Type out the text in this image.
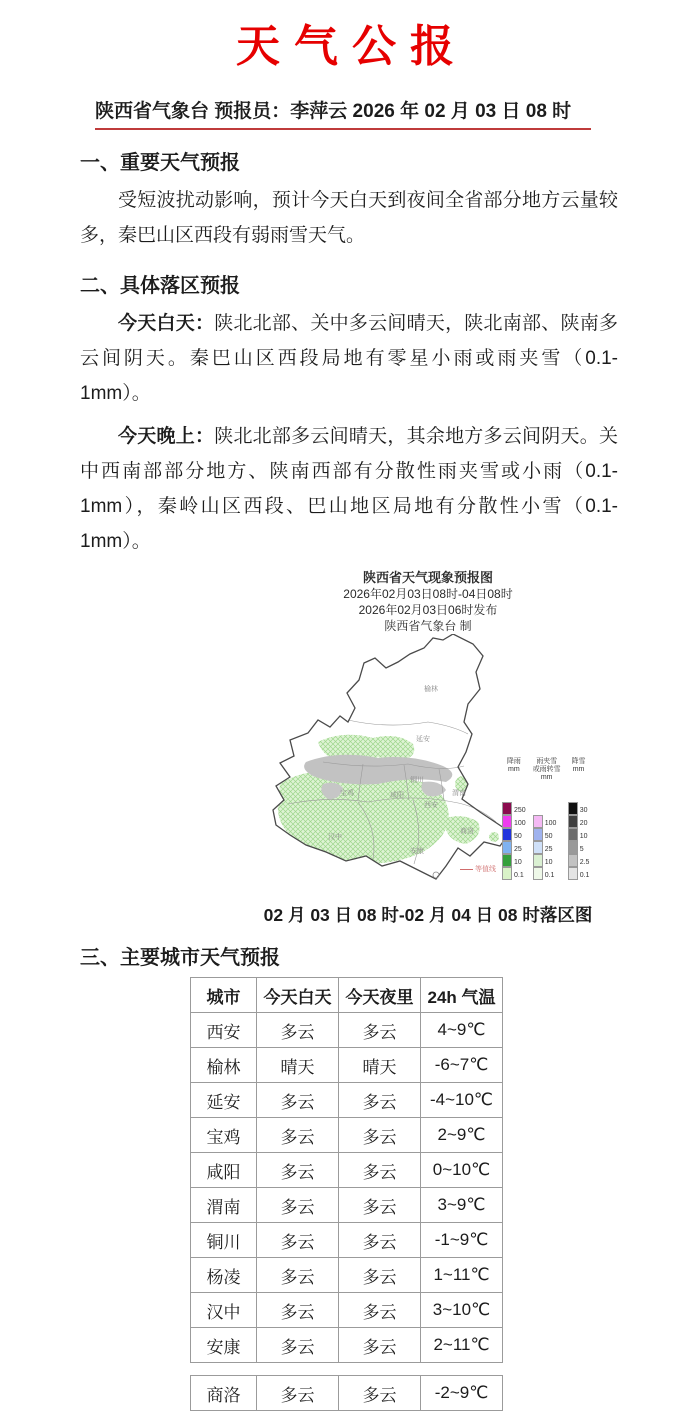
天气公报
陕西省气象台 预报员：李萍云 2026 年 02 月 03 日 08 时
一、重要天气预报

受短波扰动影响，预计今天白天到夜间全省部分地方云量较多，秦巴山区西段有弱雨雪天气。

二、具体落区预报

今天白天：陕北北部、关中多云间晴天，陕北南部、陕南多云间阴天。秦巴山区西段局地有零星小雨或雨夹雪（0.1-1mm）。

今天晚上：陕北北部多云间晴天，其余地方多云间阴天。关中西南部部分地方、陕南西部有分散性雨夹雪或小雨（0.1-1mm），秦岭山区西段、巴山地区局地有分散性小雪（0.1-1mm）。

陕西省天气现象预报图
2026年02月03日08时-04日08时
2026年02月03日06时发布
陕西省气象台 制
榆林
延安
铜川
咸阳
西安
渭南
宝鸡
商洛
汉中
安康
降雨
mm
250
100
50
25
10
0.1
雨夹雪
或雨转雪
mm
100
50
25
10
0.1
降雪
mm
30
20
10
5
2.5
0.1
等值线
02 月 03 日 08 时-02 月 04 日 08 时落区图
三、主要城市天气预报
城市	今天白天	今天夜里	24h 气温
西安	多云	多云	4~9℃
榆林	晴天	晴天	-6~7℃
延安	多云	多云	-4~10℃
宝鸡	多云	多云	2~9℃
咸阳	多云	多云	0~10℃
渭南	多云	多云	3~9℃
铜川	多云	多云	-1~9℃
杨凌	多云	多云	1~11℃
汉中	多云	多云	3~10℃
安康	多云	多云	2~11℃
商洛	多云	多云	-2~9℃
